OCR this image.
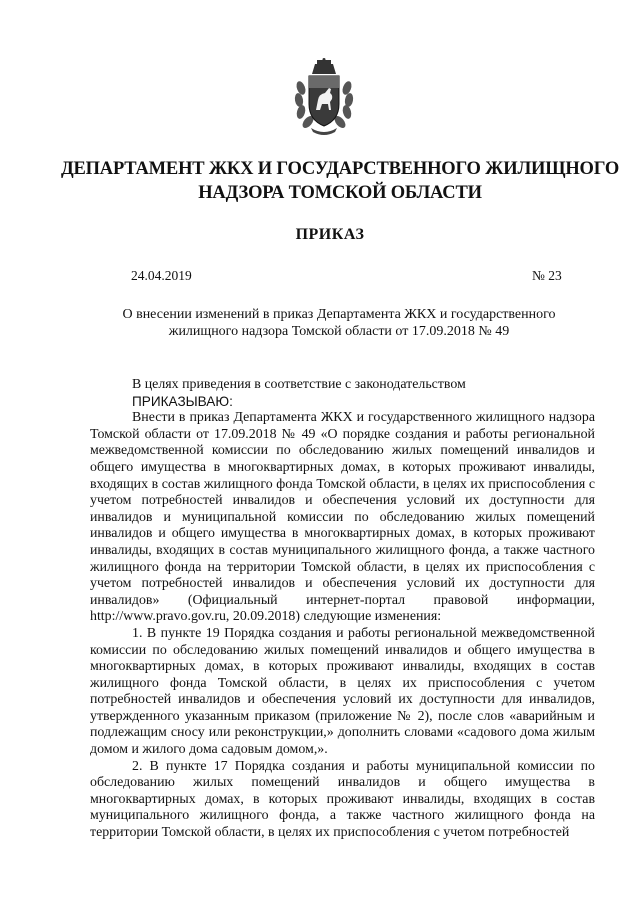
ДЕПАРТАМЕНТ ЖКХ И ГОСУДАРСТВЕННОГО ЖИЛИЩНОГО
НАДЗОРА ТОМСКОЙ ОБЛАСТИ
ПРИКАЗ
24.04.2019	№ 23
О внесении изменений в приказ Департамента ЖКХ и государственного
жилищного надзора Томской области от 17.09.2018 № 49

В целях приведения в соответствие с законодательством

ПРИКАЗЫВАЮ:

Внести в приказ Департамента ЖКХ и государственного жилищного надзора Томской области от 17.09.2018 № 49 «О порядке создания и работы региональной межведомственной комиссии по обследованию жилых помещений инвалидов и общего имущества в многоквартирных домах, в которых проживают инвалиды, входящих в состав жилищного фонда Томской области, в целях их приспособления с учетом потребностей инвалидов и обеспечения условий их доступности для инвалидов и муниципальной комиссии по обследованию жилых помещений инвалидов и общего имущества в многоквартирных домах, в которых проживают инвалиды, входящих в состав муниципального жилищного фонда, а также частного жилищного фонда на территории Томской области, в целях их приспособления с учетом потребностей инвалидов и обеспечения условий их доступности для инвалидов» (Официальный интернет-портал правовой информации, http://www.pravo.gov.ru, 20.09.2018) следующие изменения:

1. В пункте 19 Порядка создания и работы региональной межведомственной комиссии по обследованию жилых помещений инвалидов и общего имущества в многоквартирных домах, в которых проживают инвалиды, входящих в состав жилищного фонда Томской области, в целях их приспособления с учетом потребностей инвалидов и обеспечения условий их доступности для инвалидов, утвержденного указанным приказом (приложение № 2), после слов «аварийным и подлежащим сносу или реконструкции,» дополнить словами «садового дома жилым домом и жилого дома садовым домом,».

2. В пункте 17 Порядка создания и работы муниципальной комиссии по обследованию жилых помещений инвалидов и общего имущества в многоквартирных домах, в которых проживают инвалиды, входящих в состав муниципального жилищного фонда, а также частного жилищного фонда на территории Томской области, в целях их приспособления с учетом потребностей
